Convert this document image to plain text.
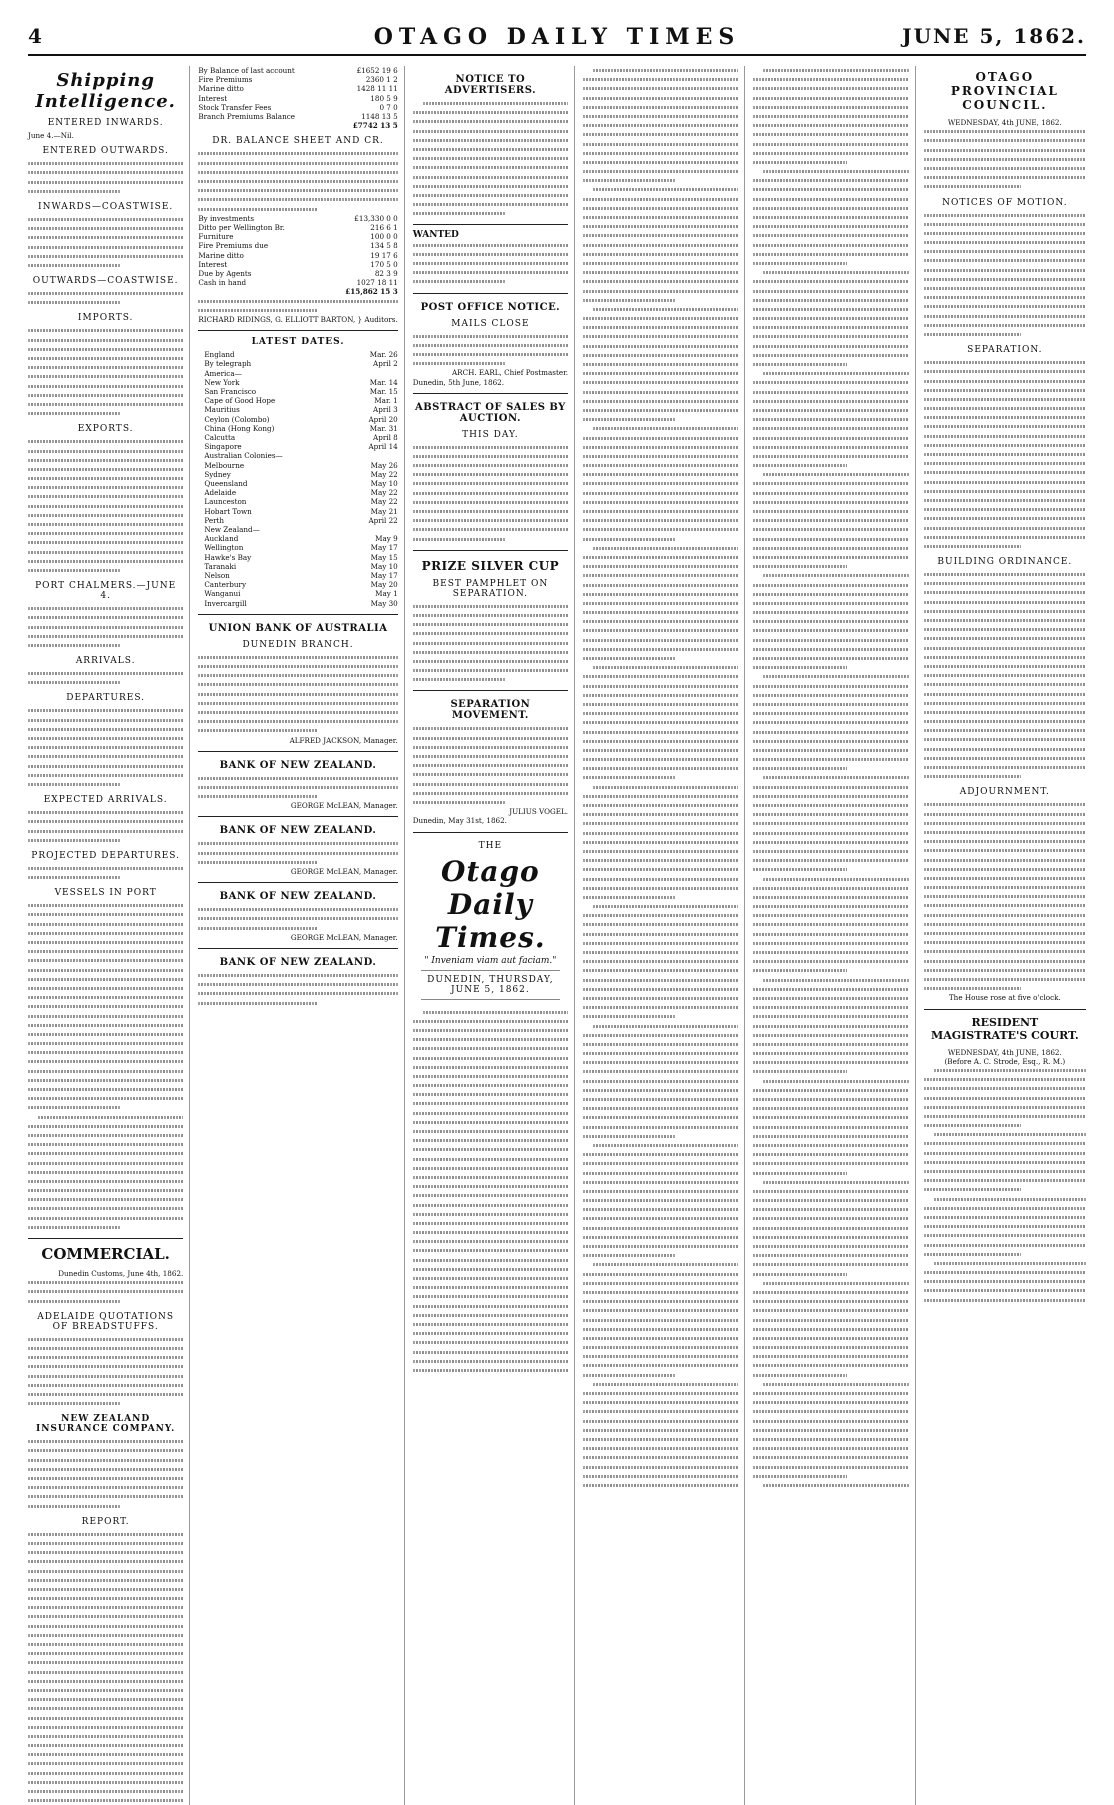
4	OTAGO DAILY TIMES	JUNE 5, 1862.
Shipping Intelligence.
ENTERED INWARDS.
June 4.—Nil.
ENTERED OUTWARDS.
INWARDS—COASTWISE.
OUTWARDS—COASTWISE.
IMPORTS.
EXPORTS.
PORT CHALMERS.—JUNE 4.
ARRIVALS.
DEPARTURES.
EXPECTED ARRIVALS.
PROJECTED DEPARTURES.
VESSELS IN PORT
COMMERCIAL.
Dunedin Customs, June 4th, 1862.
ADELAIDE QUOTATIONS OF BREADSTUFFS.
NEW ZEALAND INSURANCE COMPANY.
REPORT.
By Balance of last account	£1652 19 6
Fire Premiums	2360 1 2
Marine ditto	1428 11 11
Interest	180 5 9
Stock Transfer Fees	0 7 0
Branch Premiums Balance	1148 13 5
£7742 13 5
DR. BALANCE SHEET AND CR.
By investments	£13,330 0 0
Ditto per Wellington Br.	216 6 1
Furniture	100 0 0
Fire Premiums due	134 5 8
Marine ditto	19 17 6
Interest	170 5 0
Due by Agents	82 3 9
Cash in hand	1027 18 11
£15,862 15 3
RICHARD RIDINGS, G. ELLIOTT BARTON, } Auditors.
LATEST DATES.
England	Mar. 26
By telegraph	April 2
America—
New York	Mar. 14
San Francisco	Mar. 15
Cape of Good Hope	Mar. 1
Mauritius	April 3
Ceylon (Colombo)	April 20
China (Hong Kong)	Mar. 31
Calcutta	April 8
Singapore	April 14
Australian Colonies—
Melbourne	May 26
Sydney	May 22
Queensland	May 10
Adelaide	May 22
Launceston	May 22
Hobart Town	May 21
Perth	April 22
New Zealand—
Auckland	May 9
Wellington	May 17
Hawke's Bay	May 15
Taranaki	May 10
Nelson	May 17
Canterbury	May 20
Wanganui	May 1
Invercargill	May 30
UNION BANK OF AUSTRALIA
DUNEDIN BRANCH.
ALFRED JACKSON, Manager.
BANK OF NEW ZEALAND.
GEORGE McLEAN, Manager.
BANK OF NEW ZEALAND.
GEORGE McLEAN, Manager.
BANK OF NEW ZEALAND.
GEORGE McLEAN, Manager.
BANK OF NEW ZEALAND.
NOTICE TO ADVERTISERS.
WANTED
POST OFFICE NOTICE.
MAILS CLOSE
ARCH. EARL, Chief Postmaster.
Dunedin, 5th June, 1862.
ABSTRACT OF SALES BY AUCTION.
THIS DAY.
PRIZE SILVER CUP
BEST PAMPHLET ON SEPARATION.
SEPARATION MOVEMENT.
JULIUS VOGEL.
Dunedin, May 31st, 1862.
THE
Otago Daily Times.
" Inveniam viam aut faciam."
DUNEDIN, THURSDAY, JUNE 5, 1862.
OTAGO PROVINCIAL COUNCIL.
WEDNESDAY, 4th JUNE, 1862.
NOTICES OF MOTION.
SEPARATION.
BUILDING ORDINANCE.
ADJOURNMENT.
The House rose at five o'clock.
RESIDENT MAGISTRATE'S COURT.
WEDNESDAY, 4th JUNE, 1862.
(Before A. C. Strode, Esq., R. M.)
